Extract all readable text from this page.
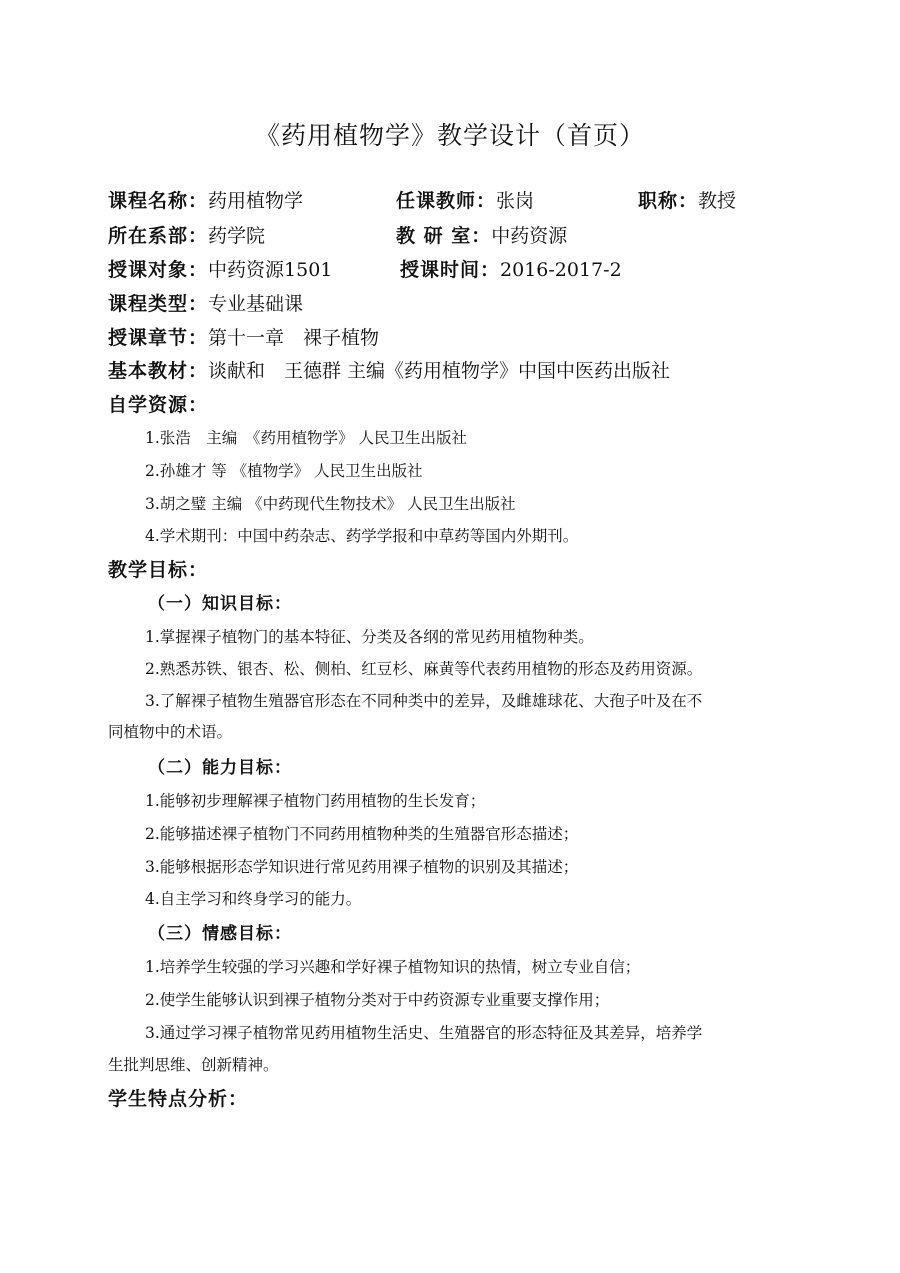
《药用植物学》教学设计（首页）
课程名称：药用植物学	任课教师：张岗	职称：教授
所在系部：药学院	教 研 室：中药资源
授课对象：中药资源1501	授课时间：2016-2017-2
课程类型：专业基础课
授课章节：第十一章　裸子植物
基本教材：谈献和　王德群 主编《药用植物学》中国中医药出版社
自学资源：
1.张浩　主编　《药用植物学》 人民卫生出版社
2.孙雄才 等 《植物学》 人民卫生出版社
3.胡之璧 主编 《中药现代生物技术》 人民卫生出版社
4.学术期刊：中国中药杂志、药学学报和中草药等国内外期刊。
教学目标：
（一）知识目标：
1.掌握裸子植物门的基本特征、分类及各纲的常见药用植物种类。
2.熟悉苏铁、银杏、松、侧柏、红豆杉、麻黄等代表药用植物的形态及药用资源。
3.了解裸子植物生殖器官形态在不同种类中的差异，及雌雄球花、大孢子叶及在不
同植物中的术语。
（二）能力目标：
1.能够初步理解裸子植物门药用植物的生长发育；
2.能够描述裸子植物门不同药用植物种类的生殖器官形态描述；
3.能够根据形态学知识进行常见药用裸子植物的识别及其描述；
4.自主学习和终身学习的能力。
（三）情感目标：
1.培养学生较强的学习兴趣和学好裸子植物知识的热情，树立专业自信；
2.使学生能够认识到裸子植物分类对于中药资源专业重要支撑作用；
3.通过学习裸子植物常见药用植物生活史、生殖器官的形态特征及其差异，培养学
生批判思维、创新精神。
学生特点分析：
